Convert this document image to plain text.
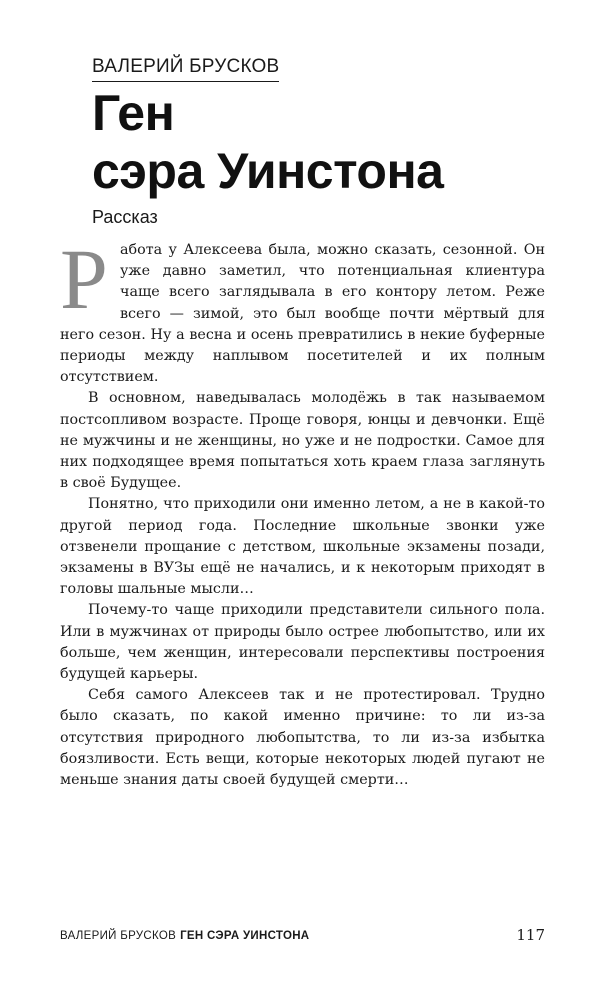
ВАЛЕРИЙ БРУСКОВ
Ген
сэра Уинстона
Рассказ

Работа у Алексеева была, можно сказать, сезонной. Он уже давно заметил, что потенциальная клиентура чаще всего заглядывала в его контору летом. Реже всего — зимой, это был вообще почти мёртвый для него сезон. Ну а весна и осень превратились в некие буферные периоды между наплывом посетителей и их полным отсутствием.

В основном, наведывалась молодёжь в так называемом постсопливом возрасте. Проще говоря, юнцы и девчонки. Ещё не мужчины и не женщины, но уже и не подростки. Самое для них подходящее время попытаться хоть краем глаза заглянуть в своё Будущее.

Понятно, что приходили они именно летом, а не в какой-то другой период года. Последние школьные звонки уже отзвенели прощание с детством, школьные экзамены позади, экзамены в ВУЗы ещё не начались, и к некоторым приходят в головы шальные мысли…

Почему-то чаще приходили представители сильного пола. Или в мужчинах от природы было острее любопытство, или их больше, чем женщин, интересовали перспективы построения будущей карьеры.

Себя самого Алексеев так и не протестировал. Трудно было сказать, по какой именно причине: то ли из-за отсутствия природного любопытства, то ли из-за избытка боязливости. Есть вещи, которые некоторых людей пугают не меньше знания даты своей будущей смерти…

ВАЛЕРИЙ БРУСКОВ ГЕН СЭРА УИНСТОНА	117
